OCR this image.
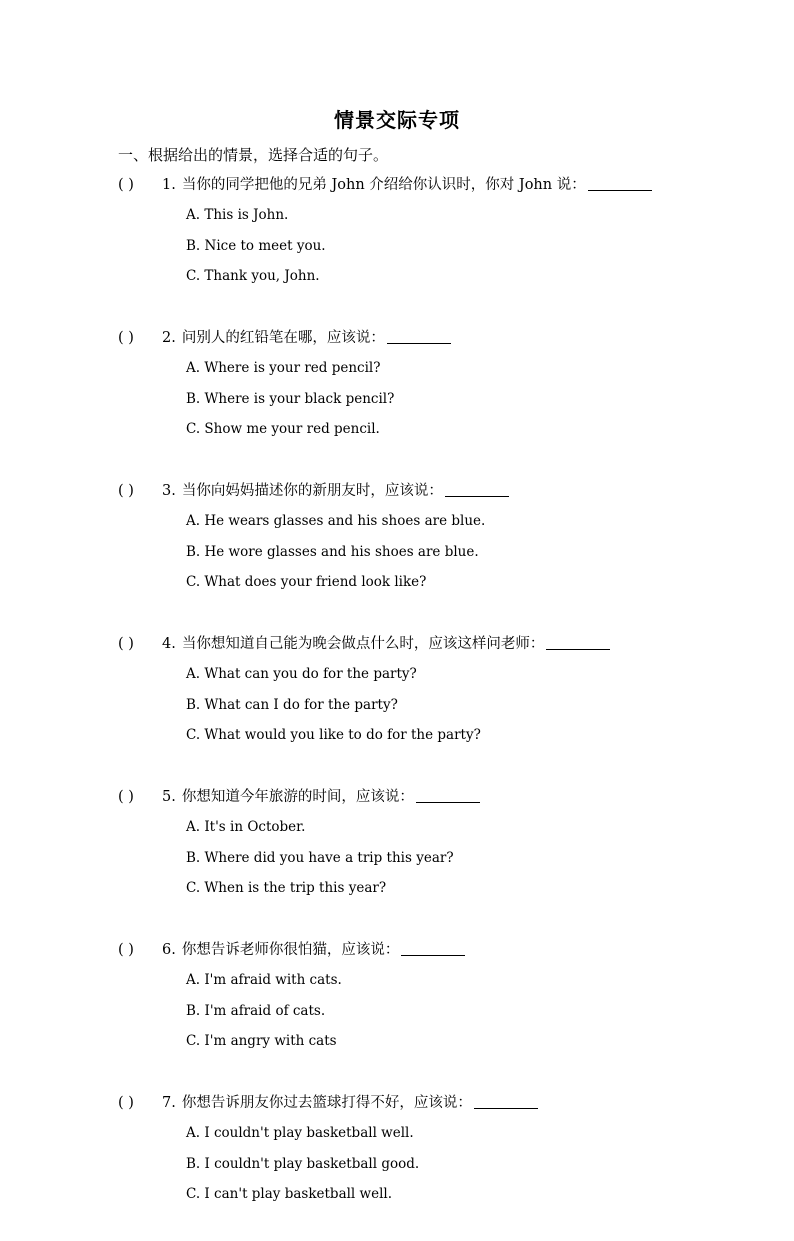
情景交际专项
一、根据给出的情景，选择合适的句子。
( ) 1. 当你的同学把他的兄弟 John 介绍给你认识时，你对 John 说：
A. This is John.
B. Nice to meet you.
C. Thank you, John.
( ) 2. 问别人的红铅笔在哪，应该说：
A. Where is your red pencil?
B. Where is your black pencil?
C. Show me your red pencil.
( ) 3. 当你向妈妈描述你的新朋友时，应该说：
A. He wears glasses and his shoes are blue.
B. He wore glasses and his shoes are blue.
C. What does your friend look like?
( ) 4. 当你想知道自己能为晚会做点什么时，应该这样问老师：
A. What can you do for the party?
B. What can I do for the party?
C. What would you like to do for the party?
( ) 5. 你想知道今年旅游的时间，应该说：
A. It's in October.
B. Where did you have a trip this year?
C. When is the trip this year?
( ) 6. 你想告诉老师你很怕猫，应该说：
A. I'm afraid with cats.
B. I'm afraid of cats.
C. I'm angry with cats
( ) 7. 你想告诉朋友你过去篮球打得不好，应该说：
A. I couldn't play basketball well.
B. I couldn't play basketball good.
C. I can't play basketball well.
